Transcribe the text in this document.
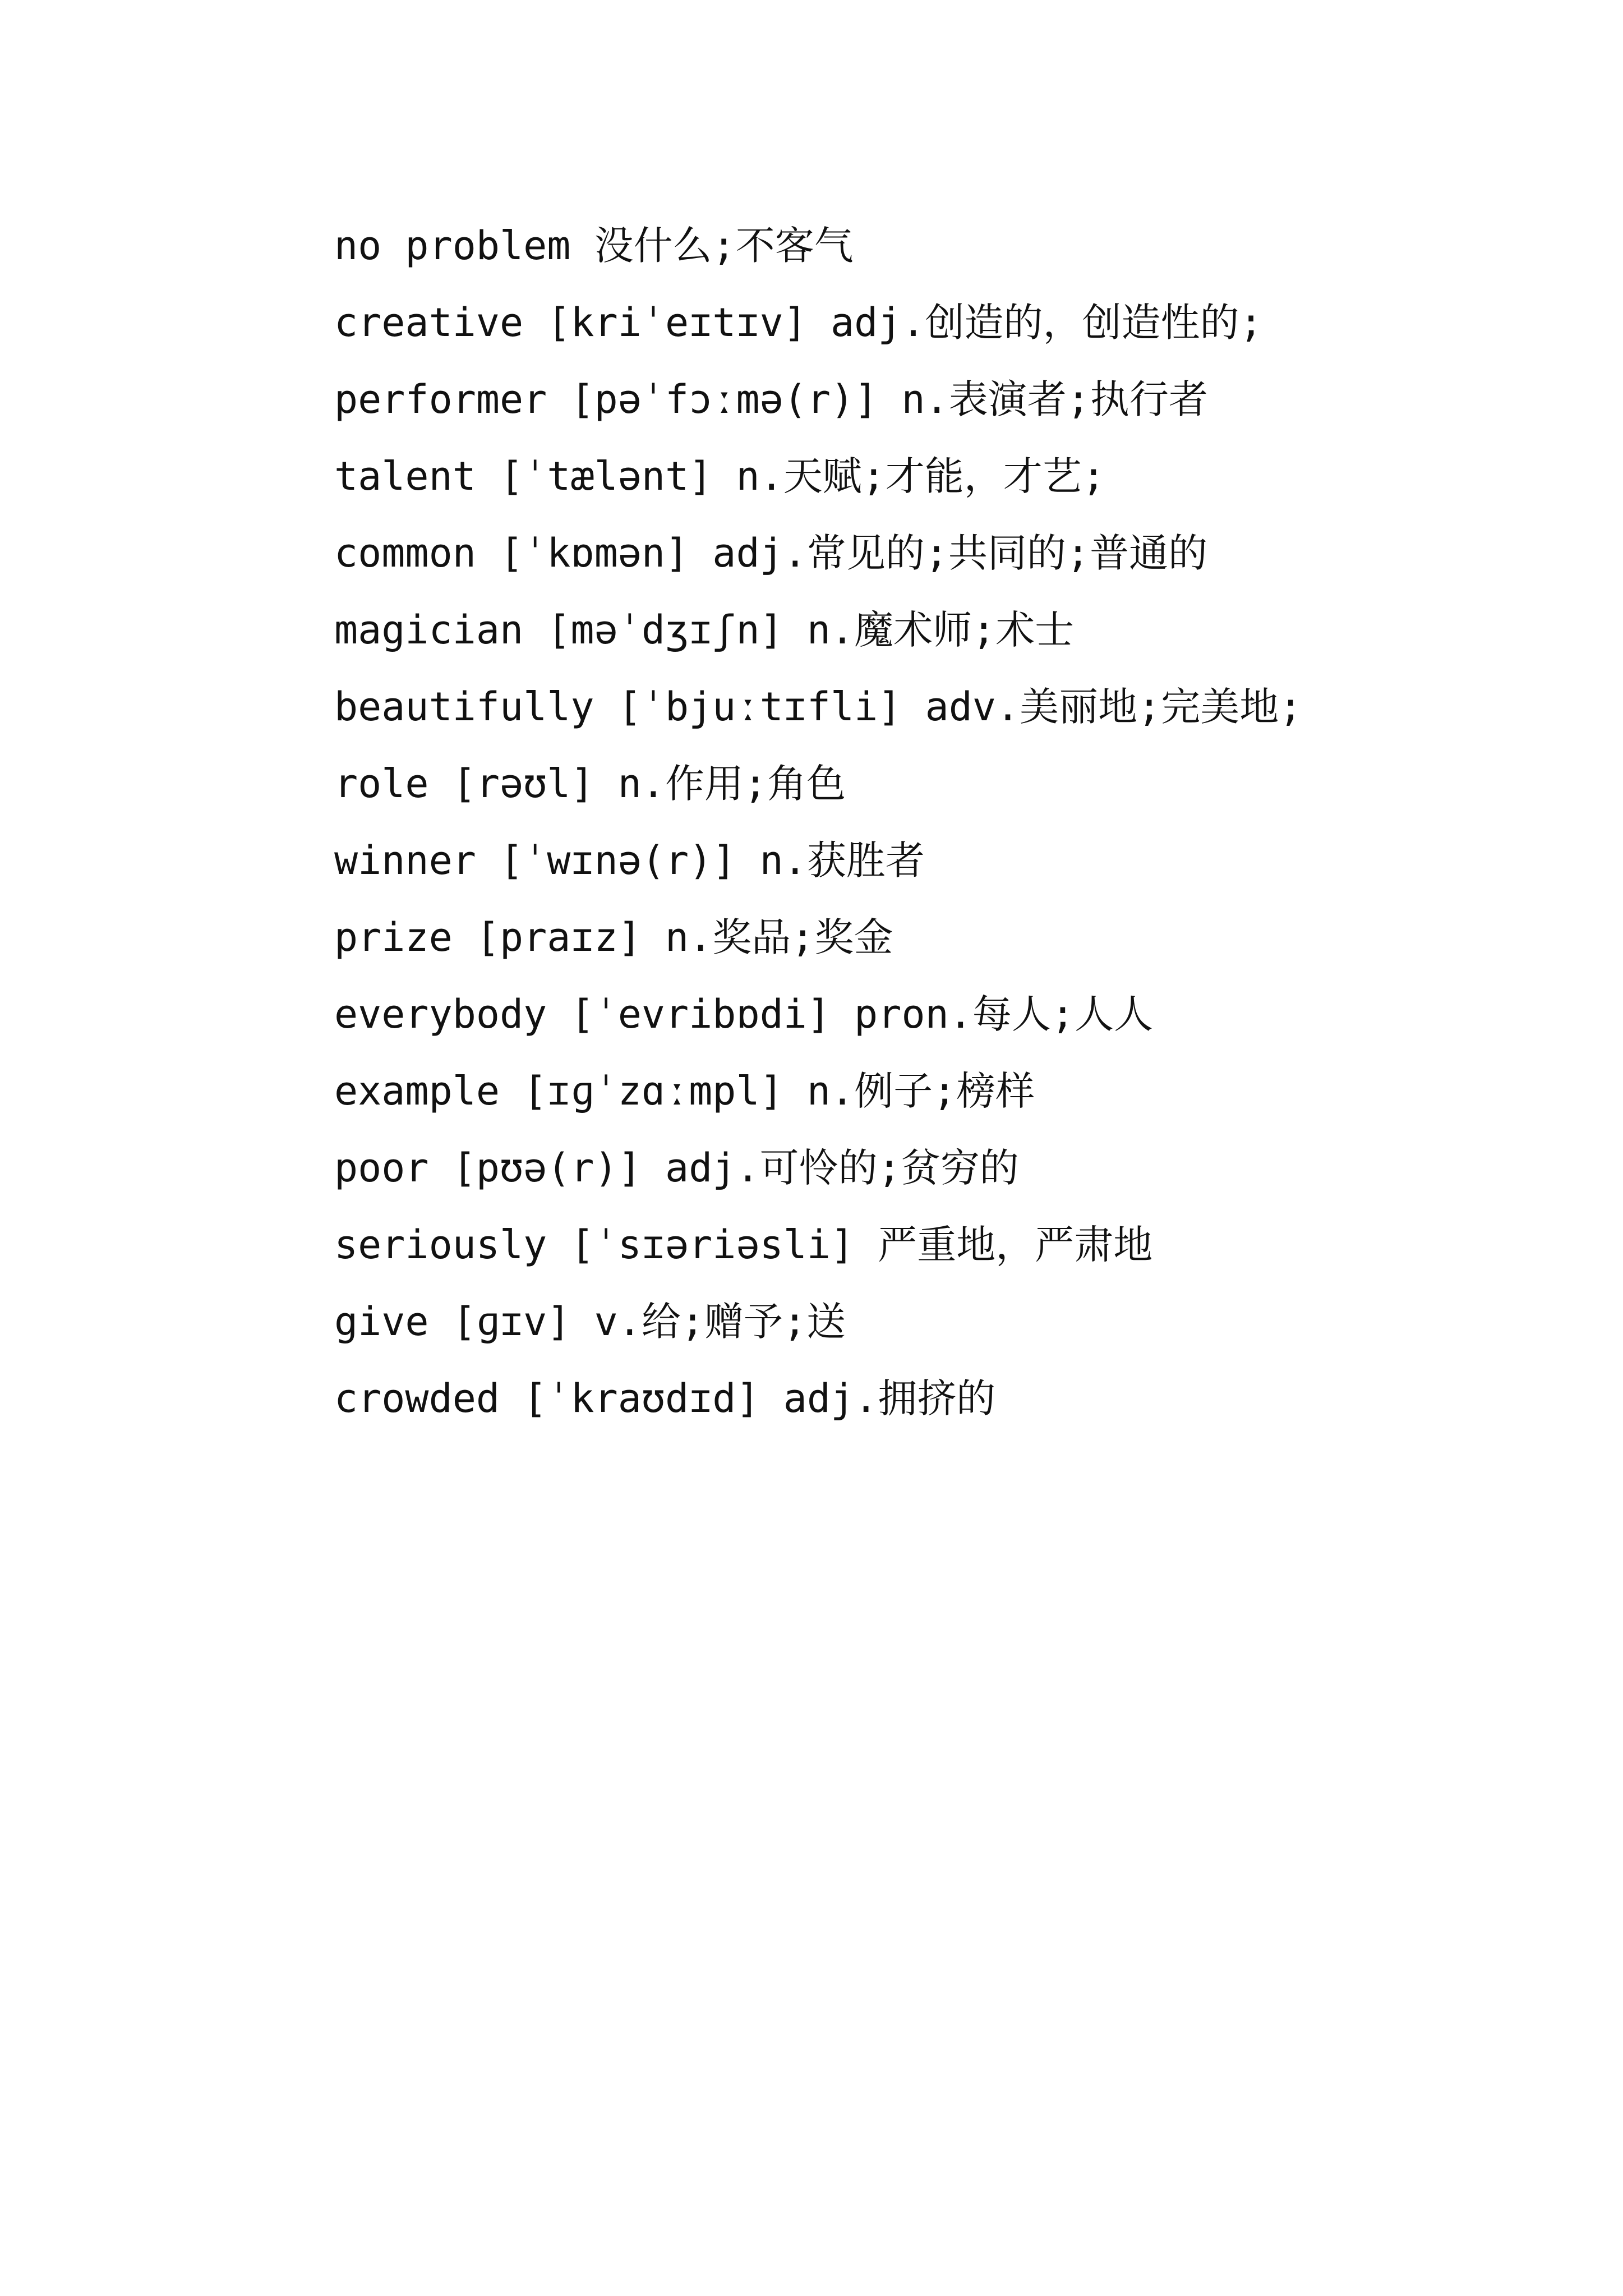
no problem 没什么;不客气
creative [kriˈeɪtɪv] adj.创造的，创造性的;
performer [pəˈfɔːmə(r)] n.表演者;执行者
talent [ˈtælənt] n.天赋;才能，才艺;
common [ˈkɒmən] adj.常见的;共同的;普通的
magician [məˈdʒɪʃn] n.魔术师;术士
beautifully [ˈbjuːtɪfli] adv.美丽地;完美地;
role [rəʊl] n.作用;角色
winner [ˈwɪnə(r)] n.获胜者
prize [praɪz] n.奖品;奖金
everybody [ˈevribɒdi] pron.每人;人人
example [ɪɡˈzɑːmpl] n.例子;榜样
poor [pʊə(r)] adj.可怜的;贫穷的
seriously [ˈsɪəriəsli] 严重地，严肃地
give [ɡɪv] v.给;赠予;送
crowded [ˈkraʊdɪd] adj.拥挤的
